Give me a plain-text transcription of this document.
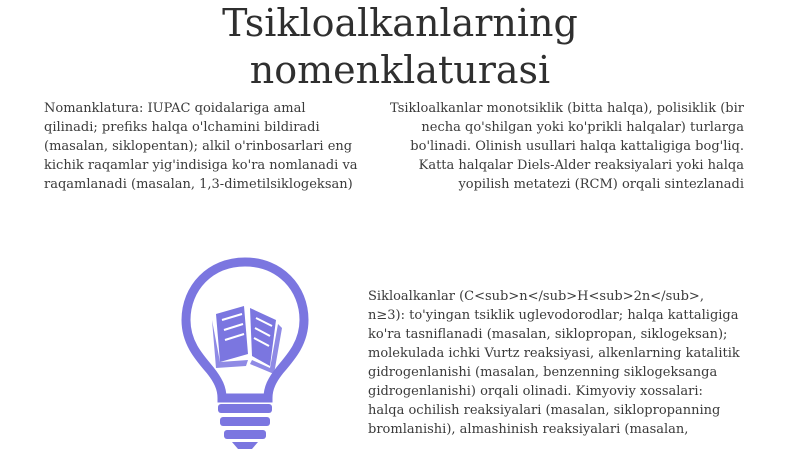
Tsikloalkanlarning
nomenklaturasi
Nomanklatura: IUPAC qoidalariga amal qilinadi; prefiks halqa o'lchamini bildiradi (masalan, siklopentan); alkil o'rinbosarlari eng kichik raqamlar yig'indisiga ko'ra nomlanadi va raqamlanadi (masalan, 1,3-dimetilsiklogeksan)
Tsikloalkanlar monotsiklik (bitta halqa), polisiklik (bir necha qo'shilgan yoki ko'prikli halqalar) turlarga bo'linadi. Olinish usullari halqa kattaligiga bog'liq. Katta halqalar Diels-Alder reaksiyalari yoki halqa yopilish metatezi (RCM) orqali sintezlanadi
Sikloalkanlar (C<sub>n</sub>H<sub>2n</sub>, n≥3): to'yingan tsiklik uglevodorodlar; halqa kattaligiga ko'ra tasniflanadi (masalan, siklopropan, siklogeksan); molekulada ichki Vurtz reaksiyasi, alkenlarning katalitik gidrogenlanishi (masalan, benzenning siklogeksanga gidrogenlanishi) orqali olinadi. Kimyoviy xossalari: halqa ochilish reaksiyalari (masalan, siklopropanning bromlanishi), almashinish reaksiyalari (masalan,
